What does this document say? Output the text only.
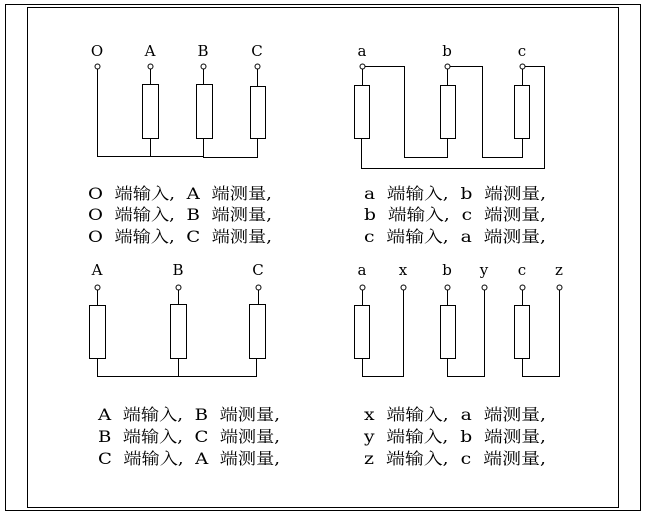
O	A	B	C
O  端输入,  A  端测量,
O  端输入,  B  端测量,
O  端输入,  C  端测量,
a	b	c
a  端输入,  b  端测量,
b  端输入,  c  端测量,
c  端输入,  a  端测量,
A	B	C
A  端输入,  B  端测量,
B  端输入,  C  端测量,
C  端输入,  A  端测量,
a x b y c z
x  端输入,  a  端测量,
y  端输入,  b  端测量,
z  端输入,  c  端测量,
